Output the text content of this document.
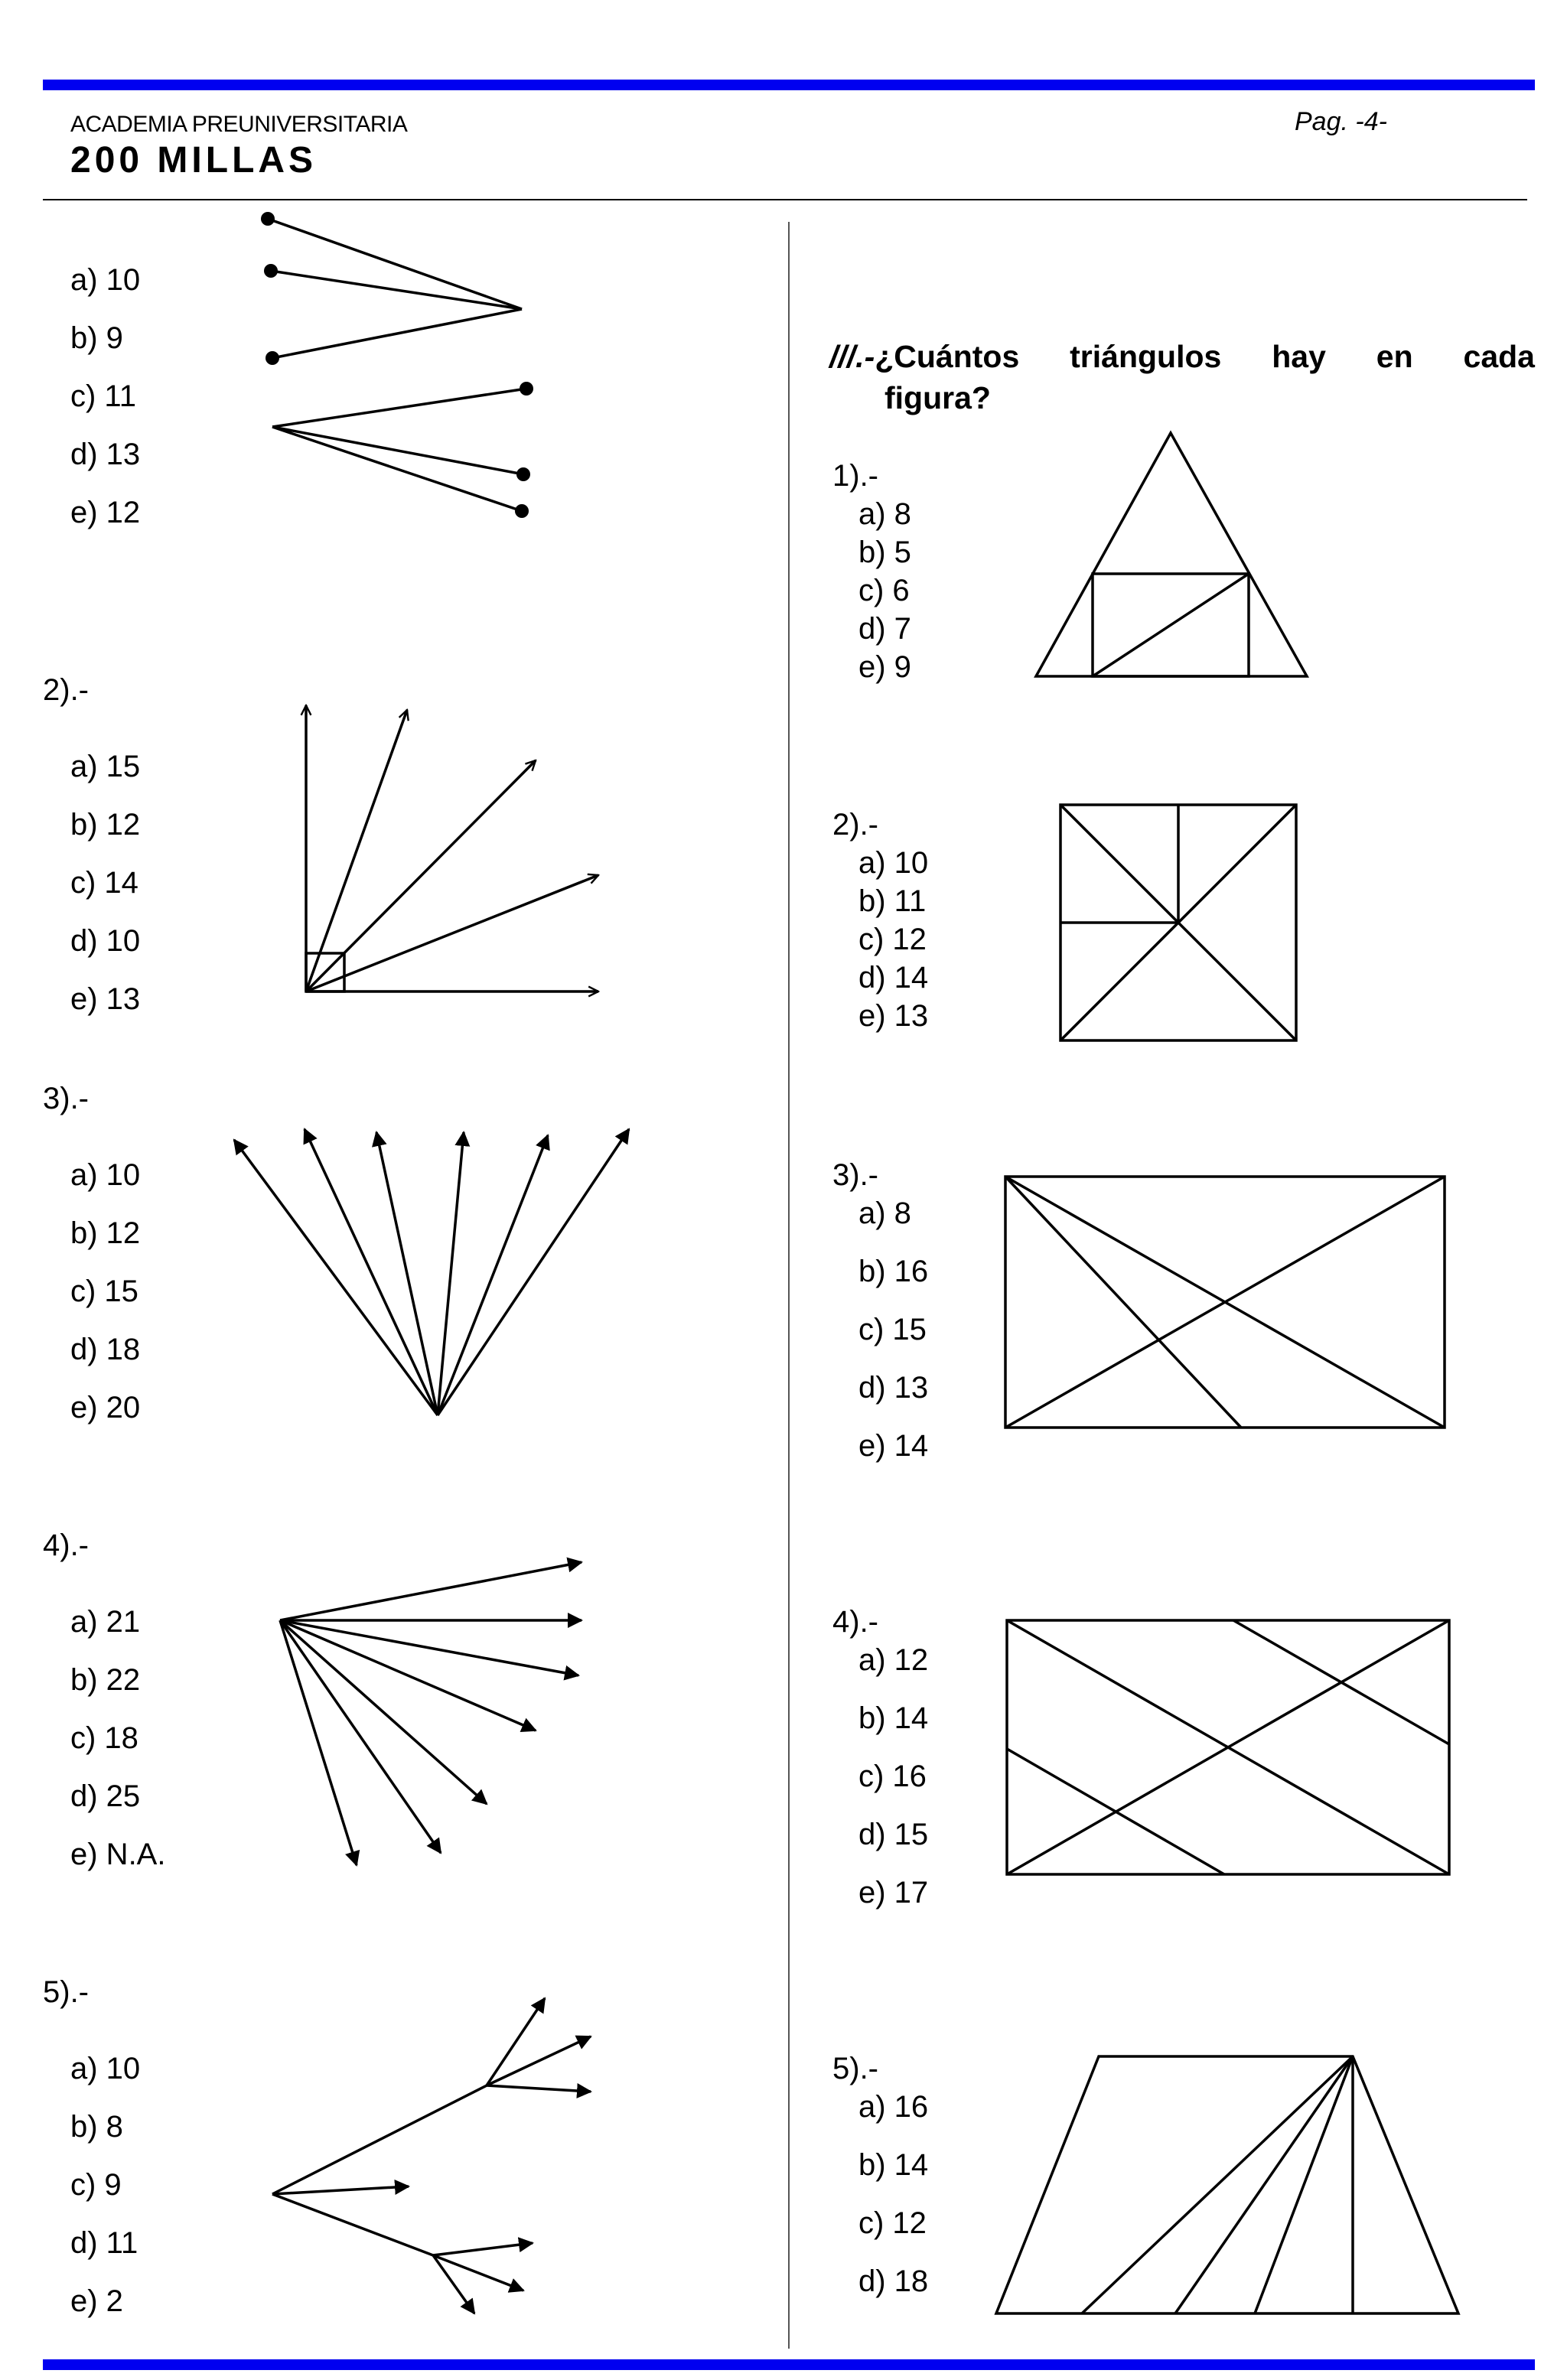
ACADEMIA PREUNIVERSITARIA
200 MILLAS
Pag. -4-
a) 10
b) 9
c) 11
d) 13
e) 12
2).-
a) 15
b) 12
c) 14
d) 10
e) 13
3).-
a) 10
b) 12
c) 15
d) 18
e) 20
4).-
a) 21
b) 22
c) 18
d) 25
e) N.A.
5).-
a) 10
b) 8
c) 9
d) 11
e) 2
///.-¿Cuántos triángulos hay en cada
figura?
1).-
a) 8
b) 5
c) 6
d) 7
e) 9
2).-
a) 10
b) 11
c) 12
d) 14
e) 13
3).-
a) 8
b) 16
c) 15
d) 13
e) 14
4).-
a) 12
b) 14
c) 16
d) 15
e) 17
5).-
a) 16
b) 14
c) 12
d) 18
